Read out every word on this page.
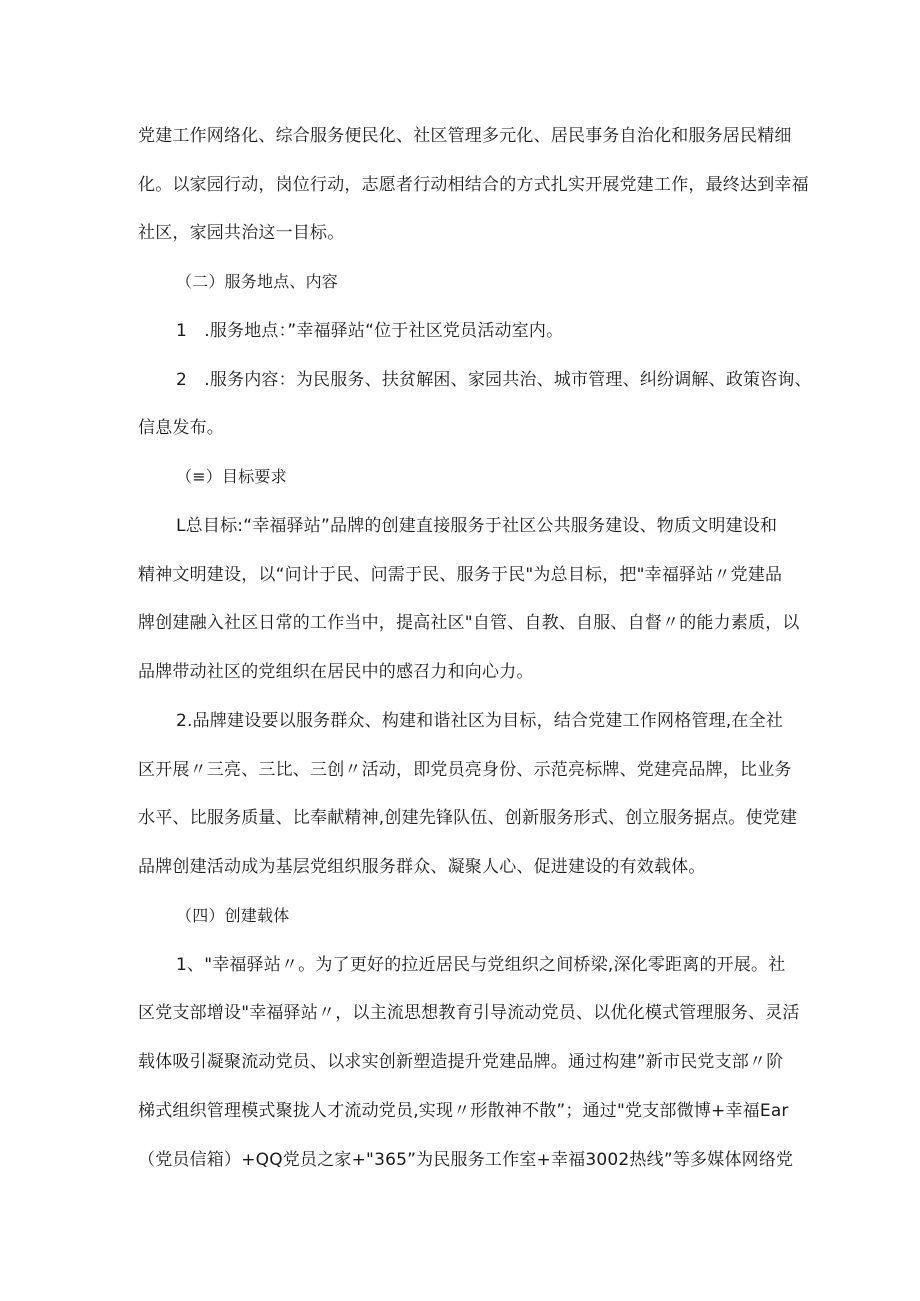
党建工作网络化、综合服务便民化、社区管理多元化、居民事务自治化和服务居民精细
化。以家园行动，岗位行动，志愿者行动相结合的方式扎实开展党建工作，最终达到幸福
社区，家园共治这一目标。
（二）服务地点、内容
1　.服务地点：”幸福驿站“位于社区党员活动室内。
2　.服务内容：为民服务、扶贫解困、家园共治、城市管理、纠纷调解、政策咨询、
信息发布。
（≡）目标要求
L总目标:“幸福驿站”品牌的创建直接服务于社区公共服务建设、物质文明建设和
精神文明建设，以“问计于民、问需于民、服务于民"为总目标，把"幸福驿站〃党建品
牌创建融入社区日常的工作当中，提高社区"自管、自教、自服、自督〃的能力素质，以
品牌带动社区的党组织在居民中的感召力和向心力。
2.品牌建设要以服务群众、构建和谐社区为目标，结合党建工作网格管理,在全社
区开展〃三亮、三比、三创〃活动，即党员亮身份、示范亮标牌、党建亮品牌，比业务
水平、比服务质量、比奉献精神,创建先锋队伍、创新服务形式、创立服务据点。使党建
品牌创建活动成为基层党组织服务群众、凝聚人心、促进建设的有效载体。
（四）创建载体
1、"幸福驿站〃。为了更好的拉近居民与党组织之间桥梁,深化零距离的开展。社
区党支部增设"幸福驿站〃，以主流思想教育引导流动党员、以优化模式管理服务、灵活
载体吸引凝聚流动党员、以求实创新塑造提升党建品牌。通过构建”新市民党支部〃阶
梯式组织管理模式聚拢人才流动党员,实现〃形散神不散”；通过"党支部微博+幸福Ear
（党员信箱）+QQ党员之家+"365”为民服务工作室+幸福3002热线”等多媒体网络党
